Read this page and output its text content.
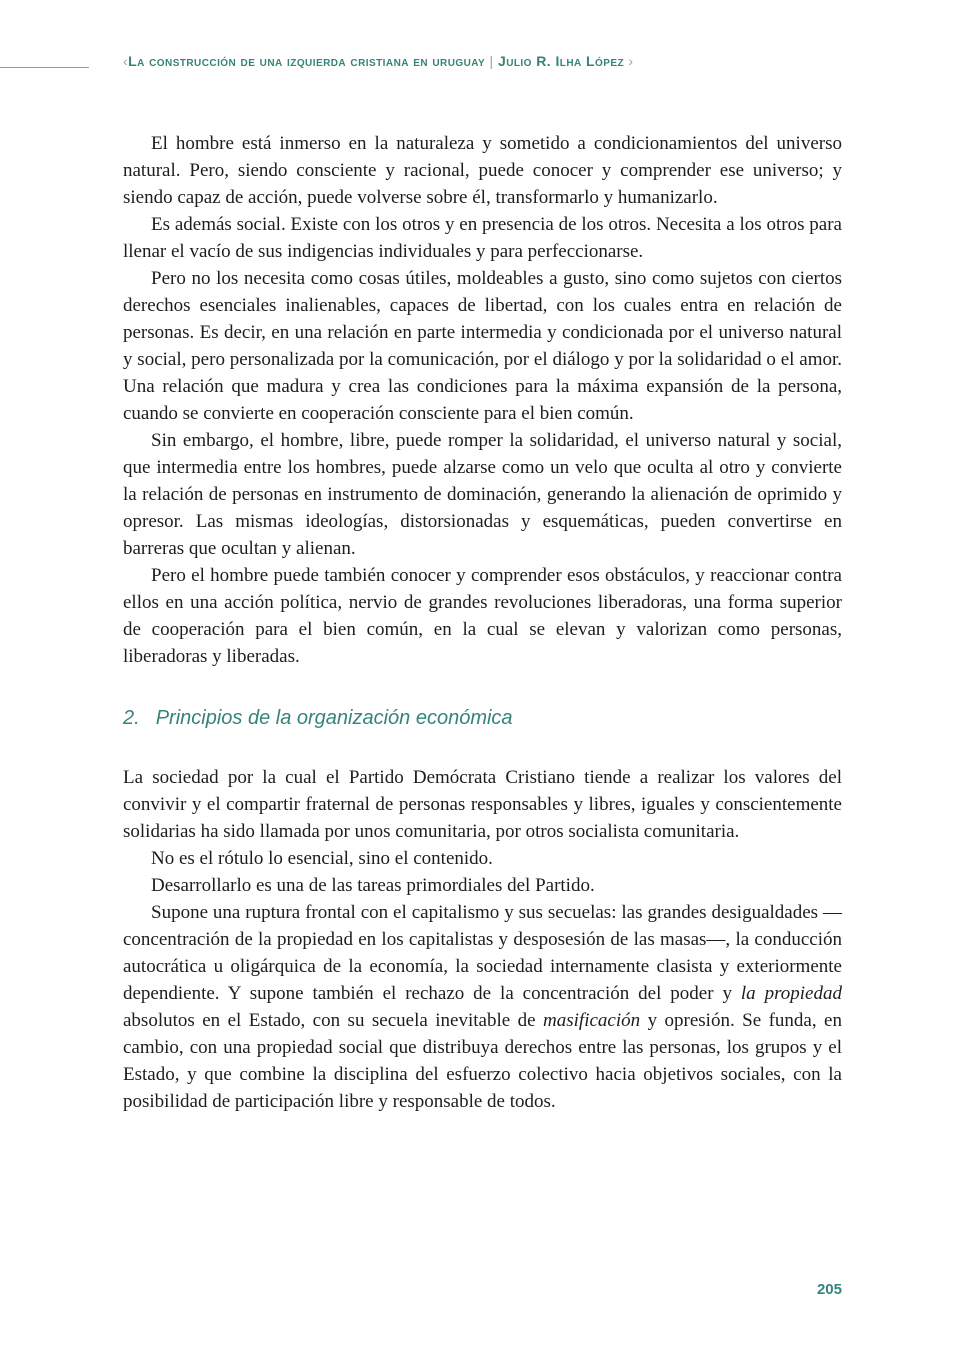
‹La construcción de una izquierda cristiana en uruguay | Julio R. Ilha López ›

El hombre está inmerso en la naturaleza y sometido a condicionamientos del universo natural. Pero, siendo consciente y racional, puede conocer y comprender ese universo; y siendo capaz de acción, puede volverse sobre él, transformarlo y humanizarlo.

Es además social. Existe con los otros y en presencia de los otros. Necesita a los otros para llenar el vacío de sus indigencias individuales y para perfeccionarse.

Pero no los necesita como cosas útiles, moldeables a gusto, sino como sujetos con ciertos derechos esenciales inalienables, capaces de libertad, con los cuales entra en relación de personas. Es decir, en una relación en parte intermedia y condicionada por el universo natural y social, pero personalizada por la comunicación, por el diálogo y por la solidaridad o el amor. Una relación que madura y crea las condiciones para la máxima expansión de la persona, cuando se convierte en cooperación consciente para el bien común.

Sin embargo, el hombre, libre, puede romper la solidaridad, el universo natural y social, que intermedia entre los hombres, puede alzarse como un velo que oculta al otro y convierte la relación de personas en instrumento de dominación, generando la alienación de oprimido y opresor. Las mismas ideologías, distorsionadas y esquemáticas, pueden convertirse en barreras que ocultan y alienan.

Pero el hombre puede también conocer y comprender esos obstáculos, y reaccionar contra ellos en una acción política, nervio de grandes revoluciones liberadoras, una forma superior de cooperación para el bien común, en la cual se elevan y valorizan como personas, liberadoras y liberadas.

2. Principios de la organización económica

La sociedad por la cual el Partido Demócrata Cristiano tiende a realizar los valores del convivir y el compartir fraternal de personas responsables y libres, iguales y conscientemente solidarias ha sido llamada por unos comunitaria, por otros socialista comunitaria.

No es el rótulo lo esencial, sino el contenido.

Desarrollarlo es una de las tareas primordiales del Partido.

Supone una ruptura frontal con el capitalismo y sus secuelas: las grandes desigualdades —concentración de la propiedad en los capitalistas y desposesión de las masas—, la conducción autocrática u oligárquica de la economía, la sociedad internamente clasista y exteriormente dependiente. Y supone también el rechazo de la concentración del poder y la propiedad absolutos en el Estado, con su secuela inevitable de masificación y opresión. Se funda, en cambio, con una propiedad social que distribuya derechos entre las personas, los grupos y el Estado, y que combine la disciplina del esfuerzo colectivo hacia objetivos sociales, con la posibilidad de participación libre y responsable de todos.

205
